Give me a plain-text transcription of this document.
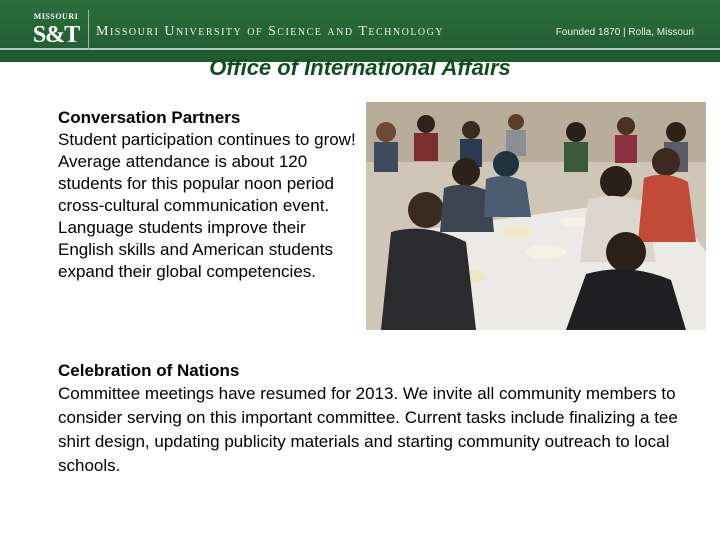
MISSOURI
S&T Missouri University of Science and Technology	Founded 1870 | Rolla, Missouri
Office of International Affairs
Conversation Partners
Student participation continues to grow! Average attendance is about 120 students for this popular noon period cross-cultural communication event. Language students improve their English skills and American students expand their global competencies.
Celebration of Nations
Committee meetings have resumed for 2013. We invite all community members to consider serving on this important committee. Current tasks include finalizing a tee shirt design, updating publicity materials and starting community outreach to local schools.
